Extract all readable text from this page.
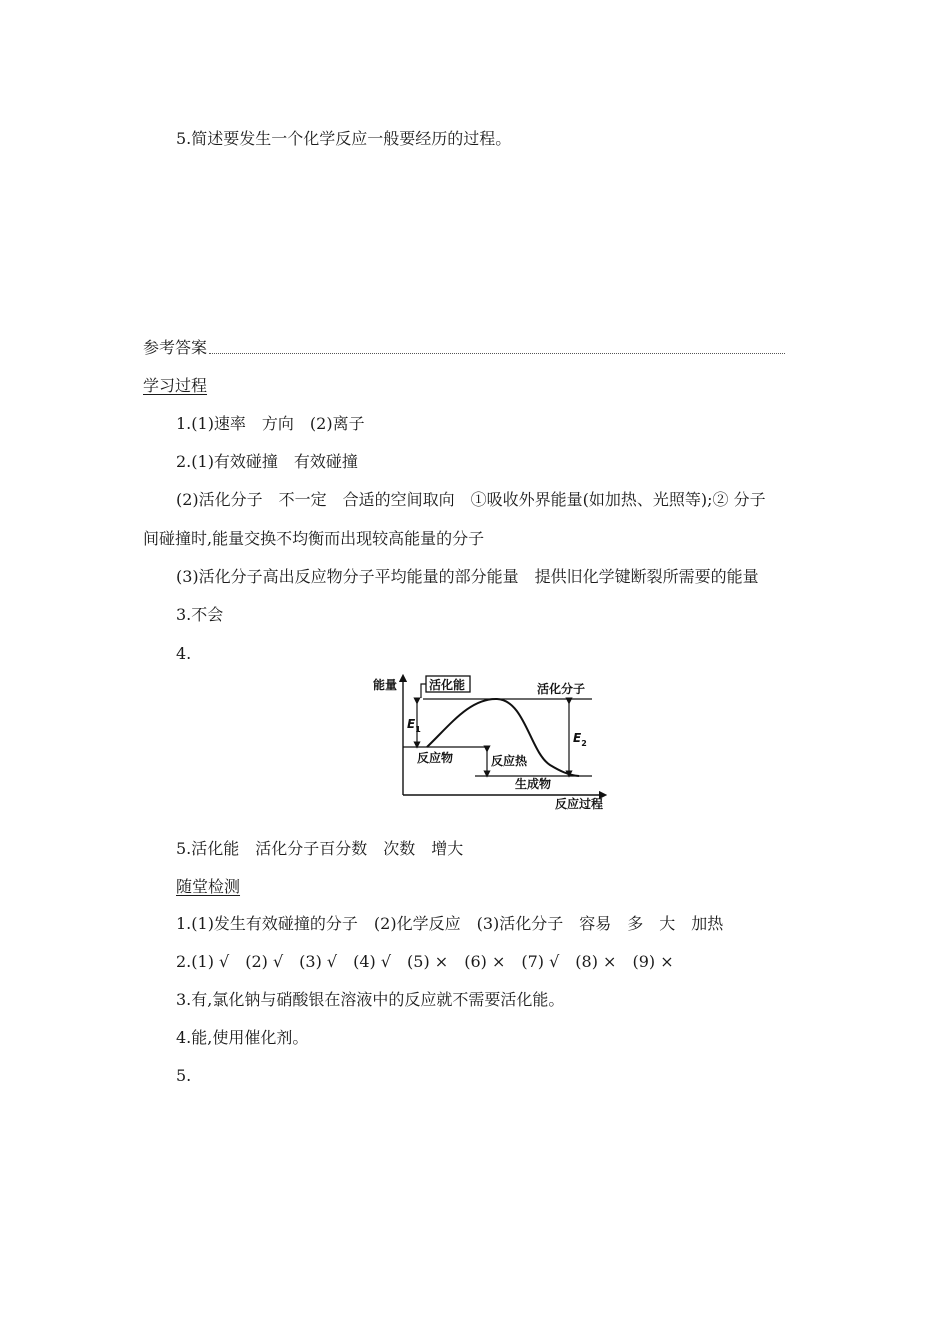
5.简述要发生一个化学反应一般要经历的过程。
参考答案
学习过程
1.(1)速率　方向　(2)离子
2.(1)有效碰撞　有效碰撞
(2)活化分子　不一定　合适的空间取向　①吸收外界能量(如加热、光照等);② 分子
间碰撞时,能量交换不均衡而出现较高能量的分子
(3)活化分子高出反应物分子平均能量的部分能量　提供旧化学键断裂所需要的能量
3.不会
4.
能量
反应过程
活化能	活化分子
反应物
生成物
$E_1$
$E_2$
反应热
5.活化能　活化分子百分数　次数　增大
随堂检测
1.(1)发生有效碰撞的分子　(2)化学反应　(3)活化分子　容易　多　大　加热
2.(1) √　(2) √　(3) √　(4) √　(5) ×　(6) ×　(7) √　(8) ×　(9) ×
3.有,氯化钠与硝酸银在溶液中的反应就不需要活化能。
4.能,使用催化剂。
5.
